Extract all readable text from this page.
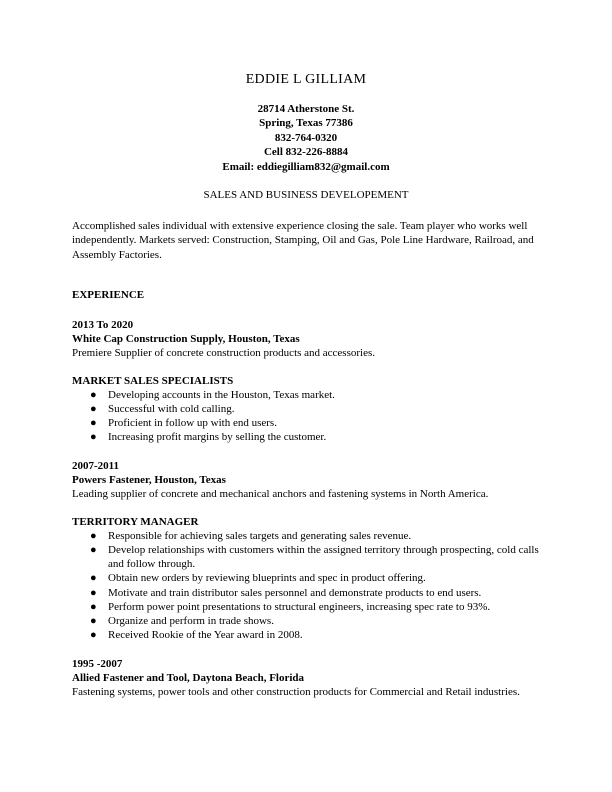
EDDIE L GILLIAM
28714 Atherstone St.
Spring, Texas 77386
832-764-0320
Cell 832-226-8884
Email: eddiegilliam832@gmail.com
SALES AND BUSINESS DEVELOPEMENT
Accomplished sales individual with extensive experience closing the sale. Team player who works well independently. Markets served: Construction, Stamping, Oil and Gas, Pole Line Hardware, Railroad, and Assembly Factories.
EXPERIENCE
2013 To 2020
White Cap Construction Supply, Houston, Texas
Premiere Supplier of concrete construction products and accessories.
MARKET SALES SPECIALISTS
● Developing accounts in the Houston, Texas market.
● Successful with cold calling.
● Proficient in follow up with end users.
● Increasing profit margins by selling the customer.
2007-2011
Powers Fastener, Houston, Texas
Leading supplier of concrete and mechanical anchors and fastening systems in North America.
TERRITORY MANAGER
● Responsible for achieving sales targets and generating sales revenue.
● Develop relationships with customers within the assigned territory through prospecting, cold calls and follow through.
● Obtain new orders by reviewing blueprints and spec in product offering.
● Motivate and train distributor sales personnel and demonstrate products to end users.
● Perform power point presentations to structural engineers, increasing spec rate to 93%.
● Organize and perform in trade shows.
● Received Rookie of the Year award in 2008.
1995 -2007
Allied Fastener and Tool, Daytona Beach, Florida
Fastening systems, power tools and other construction products for Commercial and Retail industries.
